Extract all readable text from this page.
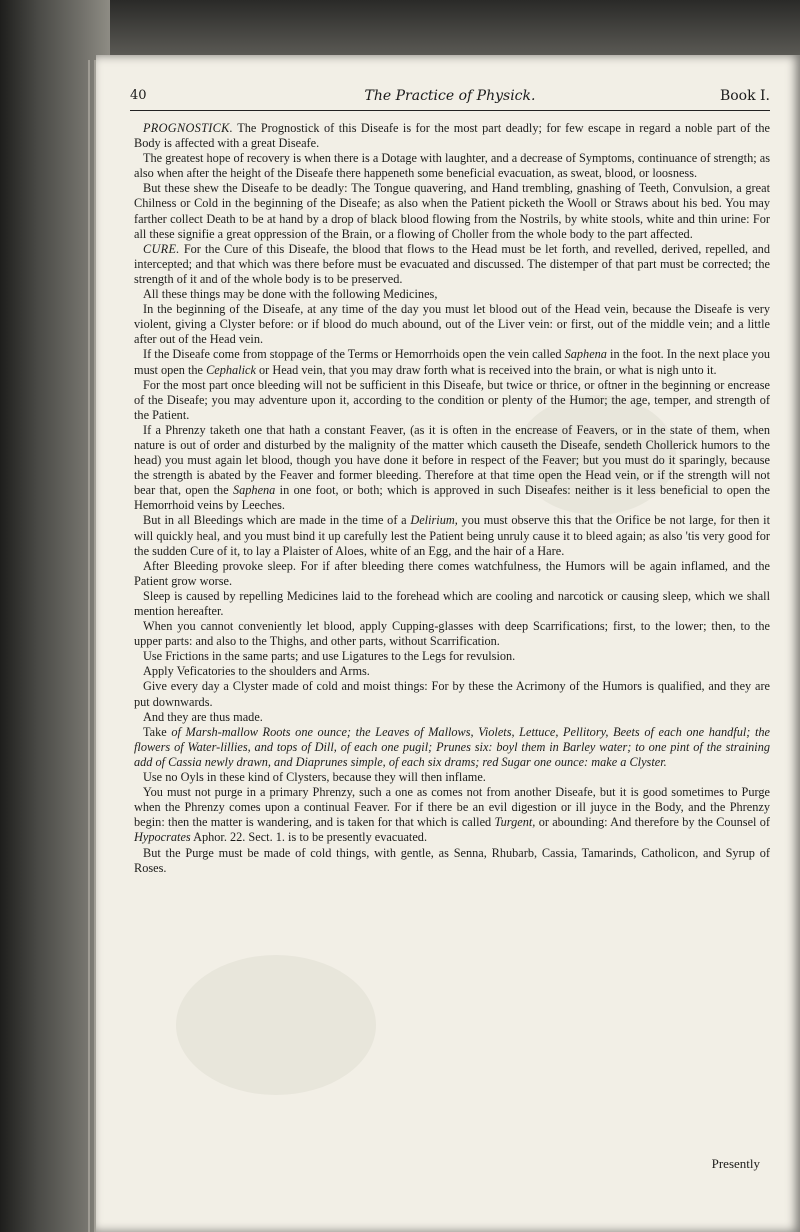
40	The Practice of Physick.	Book I.

PROGNOSTICK. The Prognostick of this Diseafe is for the most part deadly; for few escape in regard a noble part of the Body is affected with a great Diseafe.

The greatest hope of recovery is when there is a Dotage with laughter, and a decrease of Symptoms, continuance of strength; as also when after the height of the Diseafe there happeneth some beneficial evacuation, as sweat, blood, or loosness.

But these shew the Diseafe to be deadly: The Tongue quavering, and Hand trembling, gnashing of Teeth, Convulsion, a great Chilness or Cold in the beginning of the Diseafe; as also when the Patient picketh the Wooll or Straws about his bed. You may farther collect Death to be at hand by a drop of black blood flowing from the Nostrils, by white stools, white and thin urine: For all these signifie a great oppression of the Brain, or a flowing of Choller from the whole body to the part affected.

CURE. For the Cure of this Diseafe, the blood that flows to the Head must be let forth, and revelled, derived, repelled, and intercepted; and that which was there before must be evacuated and discussed. The distemper of that part must be corrected; the strength of it and of the whole body is to be preserved.

All these things may be done with the following Medicines,

In the beginning of the Diseafe, at any time of the day you must let blood out of the Head vein, because the Diseafe is very violent, giving a Clyster before: or if blood do much abound, out of the Liver vein: or first, out of the middle vein; and a little after out of the Head vein.

If the Diseafe come from stoppage of the Terms or Hemorrhoids open the vein called Saphena in the foot. In the next place you must open the Cephalick or Head vein, that you may draw forth what is received into the brain, or what is nigh unto it.

For the most part once bleeding will not be sufficient in this Diseafe, but twice or thrice, or oftner in the beginning or encrease of the Diseafe; you may adventure upon it, according to the condition or plenty of the Humor; the age, temper, and strength of the Patient.

If a Phrenzy taketh one that hath a constant Feaver, (as it is often in the encrease of Feavers, or in the state of them, when nature is out of order and disturbed by the malignity of the matter which causeth the Diseafe, sendeth Chollerick humors to the head) you must again let blood, though you have done it before in respect of the Feaver; but you must do it sparingly, because the strength is abated by the Feaver and former bleeding. Therefore at that time open the Head vein, or if the strength will not bear that, open the Saphena in one foot, or both; which is approved in such Diseafes: neither is it less beneficial to open the Hemorrhoid veins by Leeches.

But in all Bleedings which are made in the time of a Delirium, you must observe this that the Orifice be not large, for then it will quickly heal, and you must bind it up carefully lest the Patient being unruly cause it to bleed again; as also 'tis very good for the sudden Cure of it, to lay a Plaister of Aloes, white of an Egg, and the hair of a Hare.

After Bleeding provoke sleep. For if after bleeding there comes watchfulness, the Humors will be again inflamed, and the Patient grow worse.

Sleep is caused by repelling Medicines laid to the forehead which are cooling and narcotick or causing sleep, which we shall mention hereafter.

When you cannot conveniently let blood, apply Cupping-glasses with deep Scarrifications; first, to the lower; then, to the upper parts: and also to the Thighs, and other parts, without Scarrification.

Use Frictions in the same parts; and use Ligatures to the Legs for revulsion.

Apply Veficatories to the shoulders and Arms.

Give every day a Clyster made of cold and moist things: For by these the Acrimony of the Humors is qualified, and they are put downwards.

And they are thus made.

Take of Marsh-mallow Roots one ounce; the Leaves of Mallows, Violets, Lettuce, Pellitory, Beets of each one handful; the flowers of Water-lillies, and tops of Dill, of each one pugil; Prunes six: boyl them in Barley water; to one pint of the straining add of Cassia newly drawn, and Diaprunes simple, of each six drams; red Sugar one ounce: make a Clyster.

Use no Oyls in these kind of Clysters, because they will then inflame.

You must not purge in a primary Phrenzy, such a one as comes not from another Diseafe, but it is good sometimes to Purge when the Phrenzy comes upon a continual Feaver. For if there be an evil digestion or ill juyce in the Body, and the Phrenzy begin: then the matter is wandering, and is taken for that which is called Turgent, or abounding: And therefore by the Counsel of Hypocrates Aphor. 22. Sect. 1. is to be presently evacuated.

But the Purge must be made of cold things, with gentle, as Senna, Rhubarb, Cassia, Tamarinds, Catholicon, and Syrup of Roses.

Presently
